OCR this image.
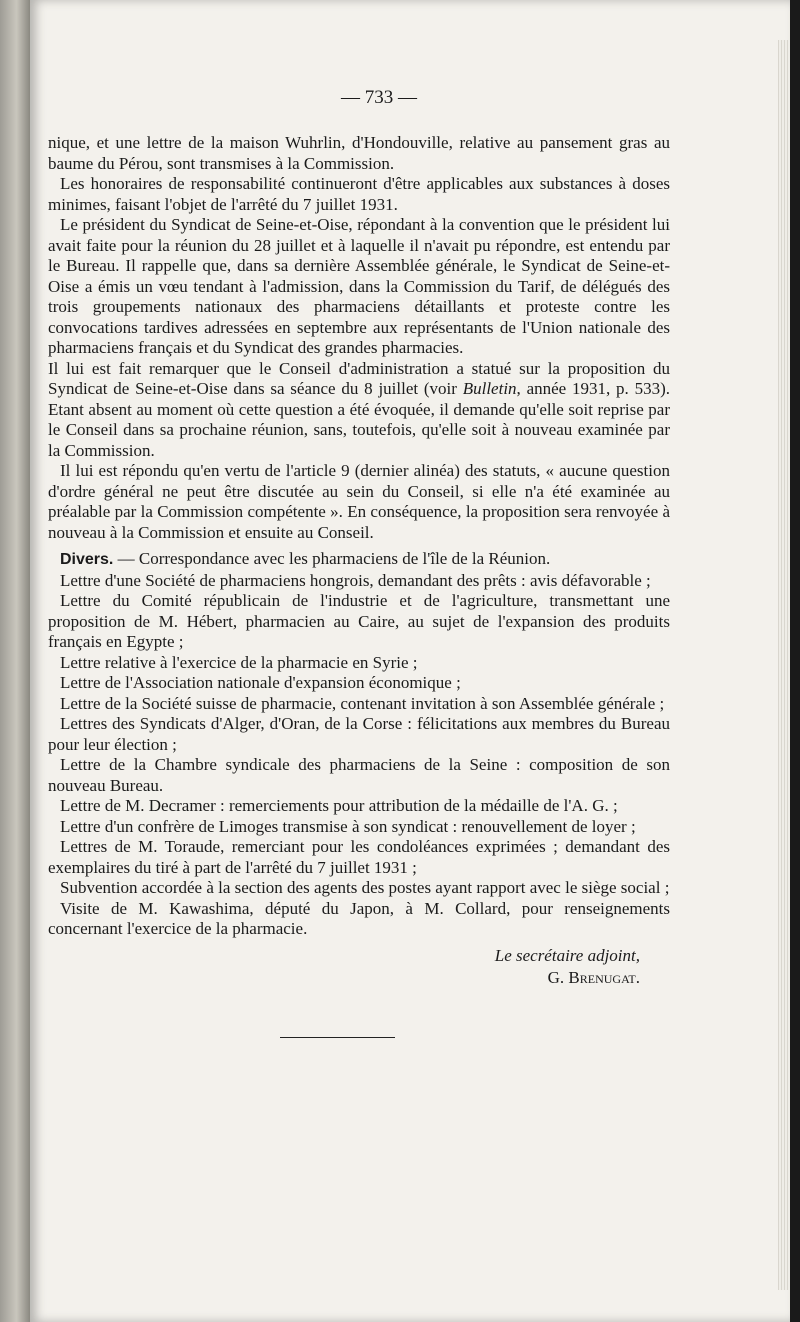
— 733 —

nique, et une lettre de la maison Wuhrlin, d'Hondouville, relative au pansement gras au baume du Pérou, sont transmises à la Commission.

Les honoraires de responsabilité continueront d'être applicables aux substances à doses minimes, faisant l'objet de l'arrêté du 7 juillet 1931.

Le président du Syndicat de Seine-et-Oise, répondant à la convention que le président lui avait faite pour la réunion du 28 juillet et à laquelle il n'avait pu répondre, est entendu par le Bureau. Il rappelle que, dans sa dernière Assemblée générale, le Syndicat de Seine-et-Oise a émis un vœu tendant à l'admission, dans la Commission du Tarif, de délégués des trois groupements nationaux des pharmaciens détaillants et proteste contre les convocations tardives adressées en septembre aux représentants de l'Union nationale des pharmaciens français et du Syndicat des grandes pharmacies.

Il lui est fait remarquer que le Conseil d'administration a statué sur la proposition du Syndicat de Seine-et-Oise dans sa séance du 8 juillet (voir Bulletin, année 1931, p. 533). Etant absent au moment où cette question a été évoquée, il demande qu'elle soit reprise par le Conseil dans sa prochaine réunion, sans, toutefois, qu'elle soit à nouveau examinée par la Commission.

Il lui est répondu qu'en vertu de l'article 9 (dernier alinéa) des statuts, « aucune question d'ordre général ne peut être discutée au sein du Conseil, si elle n'a été examinée au préalable par la Commission compétente ». En conséquence, la proposition sera renvoyée à nouveau à la Commission et ensuite au Conseil.

Divers. — Correspondance avec les pharmaciens de l'île de la Réunion.

Lettre d'une Société de pharmaciens hongrois, demandant des prêts : avis défavorable ;

Lettre du Comité républicain de l'industrie et de l'agriculture, transmettant une proposition de M. Hébert, pharmacien au Caire, au sujet de l'expansion des produits français en Egypte ;

Lettre relative à l'exercice de la pharmacie en Syrie ;

Lettre de l'Association nationale d'expansion économique ;

Lettre de la Société suisse de pharmacie, contenant invitation à son Assemblée générale ;

Lettres des Syndicats d'Alger, d'Oran, de la Corse : félicitations aux membres du Bureau pour leur élection ;

Lettre de la Chambre syndicale des pharmaciens de la Seine : composition de son nouveau Bureau.

Lettre de M. Decramer : remerciements pour attribution de la médaille de l'A. G. ;

Lettre d'un confrère de Limoges transmise à son syndicat : renouvellement de loyer ;

Lettres de M. Toraude, remerciant pour les condoléances exprimées ; demandant des exemplaires du tiré à part de l'arrêté du 7 juillet 1931 ;

Subvention accordée à la section des agents des postes ayant rapport avec le siège social ;

Visite de M. Kawashima, député du Japon, à M. Collard, pour renseignements concernant l'exercice de la pharmacie.

Le secrétaire adjoint,
G. Brenugat.
